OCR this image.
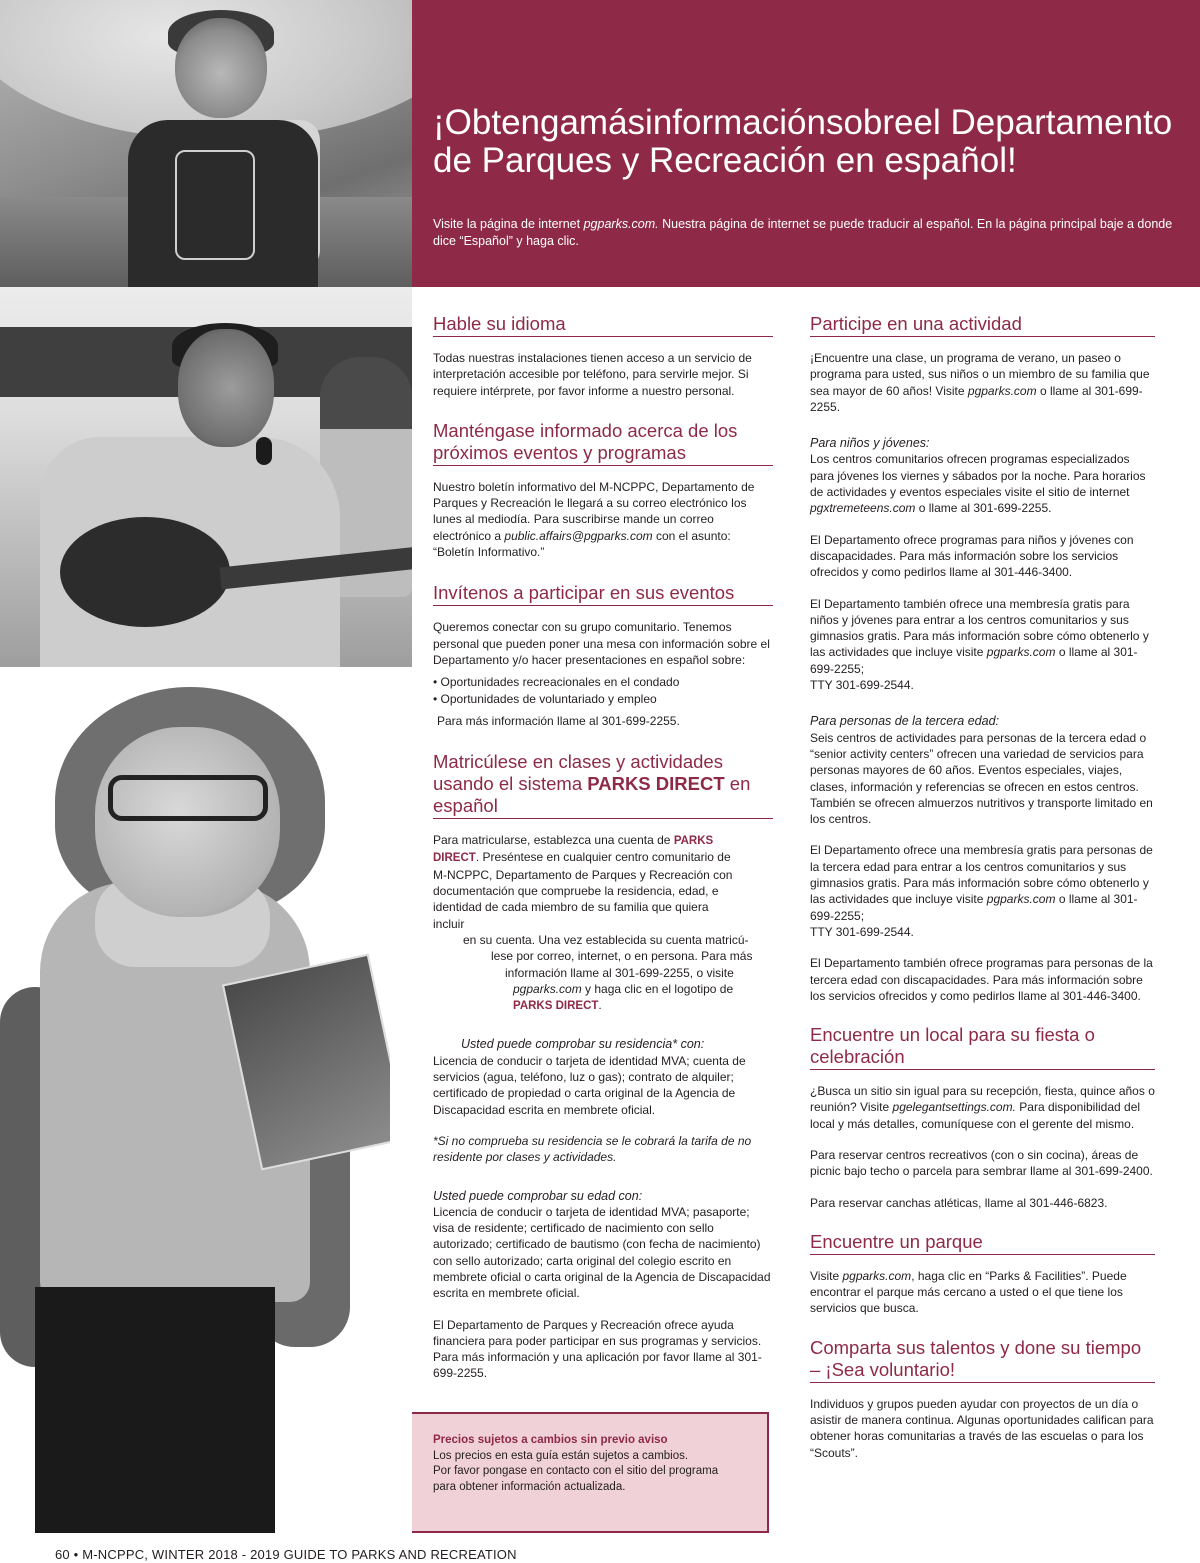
¡Obtengamásinformaciónsobreel Departamento
de Parques y Recreación en español!
Visite la página de internet pgparks.com. Nuestra página de internet se puede traducir al español. En la página principal baje a donde dice “Español” y haga clic.
Hable su idioma

Todas nuestras instalaciones tienen acceso a un servicio de interpretación accesible por teléfono, para servirle mejor. Si requiere intérprete, por favor informe a nuestro personal.

Manténgase informado acerca de los próximos eventos y programas

Nuestro boletín informativo del M-NCPPC, Departamento de Parques y Recreación le llegará a su correo electrónico los lunes al mediodía. Para suscribirse mande un correo electrónico a public.affairs@pgparks.com con el asunto: “Boletín Informativo.”

Invítenos a participar en sus eventos

Queremos conectar con su grupo comunitario. Tenemos personal que pueden poner una mesa con información sobre el Departamento y/o hacer presentaciones en español sobre:

• Oportunidades recreacionales en el condado
• Oportunidades de voluntariado y empleo

Para más información llame al 301-699-2255.

Matricúlese en clases y actividades usando el sistema PARKS DIRECT en español
Para matricularse, establezca una cuenta de PARKS DIRECT. Preséntese en cualquier centro comunitario de M-NCPPC, Departamento de Parques y Recreación con documentación que compruebe la residencia, edad, e identidad de cada miembro de su familia que quiera incluir
en su cuenta. Una vez establecida su cuenta matricú-
lese por correo, internet, o en persona. Para más
información llame al 301-699-2255, o visite
pgparks.com y haga clic en el logotipo de
PARKS DIRECT.
Usted puede comprobar su residencia* con:

Licencia de conducir o tarjeta de identidad MVA; cuenta de servicios (agua, teléfono, luz o gas); contrato de alquiler; certificado de propiedad o carta original de la Agencia de Discapacidad escrita en membrete oficial.

*Si no comprueba su residencia se le cobrará la tarifa de no residente por clases y actividades.

Usted puede comprobar su edad con:

Licencia de conducir o tarjeta de identidad MVA; pasaporte; visa de residente; certificado de nacimiento con sello autorizado; certificado de bautismo (con fecha de nacimiento) con sello autorizado; carta original del colegio escrito en membrete oficial o carta original de la Agencia de Discapacidad escrita en membrete oficial.

El Departamento de Parques y Recreación ofrece ayuda financiera para poder participar en sus programas y servicios. Para más información y una aplicación por favor llame al 301-699-2255.

Precios sujetos a cambios sin previo aviso
Los precios en esta guía están sujetos a cambios.
Por favor pongase en contacto con el sitio del programa
para obtener información actualizada.
Participe en una actividad

¡Encuentre una clase, un programa de verano, un paseo o programa para usted, sus niños o un miembro de su familia que sea mayor de 60 años! Visite pgparks.com o llame al 301-699-2255.

Para niños y jóvenes:

Los centros comunitarios ofrecen programas especializados para jóvenes los viernes y sábados por la noche. Para horarios de actividades y eventos especiales visite el sitio de internet pgxtremeteens.com o llame al 301-699-2255.

El Departamento ofrece programas para niños y jóvenes con discapacidades. Para más información sobre los servicios ofrecidos y como pedirlos llame al 301-446-3400.

El Departamento también ofrece una membresía gratis para niños y jóvenes para entrar a los centros comunitarios y sus gimnasios gratis. Para más información sobre cómo obtenerlo y las actividades que incluye visite pgparks.com o llame al 301-699-2255;
TTY 301-699-2544.

Para personas de la tercera edad:

Seis centros de actividades para personas de la tercera edad o “senior activity centers” ofrecen una variedad de servicios para personas mayores de 60 años. Eventos especiales, viajes, clases, información y referencias se ofrecen en estos centros. También se ofrecen almuerzos nutritivos y transporte limitado en los centros.

El Departamento ofrece una membresía gratis para personas de la tercera edad para entrar a los centros comunitarios y sus gimnasios gratis. Para más información sobre cómo obtenerlo y las actividades que incluye visite pgparks.com o llame al 301-699-2255;
TTY 301-699-2544.

El Departamento también ofrece programas para personas de la tercera edad con discapacidades. Para más información sobre los servicios ofrecidos y como pedirlos llame al 301-446-3400.

Encuentre un local para su fiesta o celebración

¿Busca un sitio sin igual para su recepción, fiesta, quince años o reunión? Visite pgelegantsettings.com. Para disponibilidad del local y más detalles, comuníquese con el gerente del mismo.

Para reservar centros recreativos (con o sin cocina), áreas de picnic bajo techo o parcela para sembrar llame al 301-699-2400.

Para reservar canchas atléticas, llame al 301-446-6823.

Encuentre un parque

Visite pgparks.com, haga clic en “Parks & Facilities”. Puede encontrar el parque más cercano a usted o el que tiene los servicios que busca.

Comparta sus talentos y done su tiempo – ¡Sea voluntario!

Individuos y grupos pueden ayudar con proyectos de un día o asistir de manera continua. Algunas oportunidades califican para obtener horas comunitarias a través de las escuelas o para los “Scouts”.

60 • M-NCPPC, WINTER 2018 - 2019 GUIDE TO PARKS AND RECREATION
